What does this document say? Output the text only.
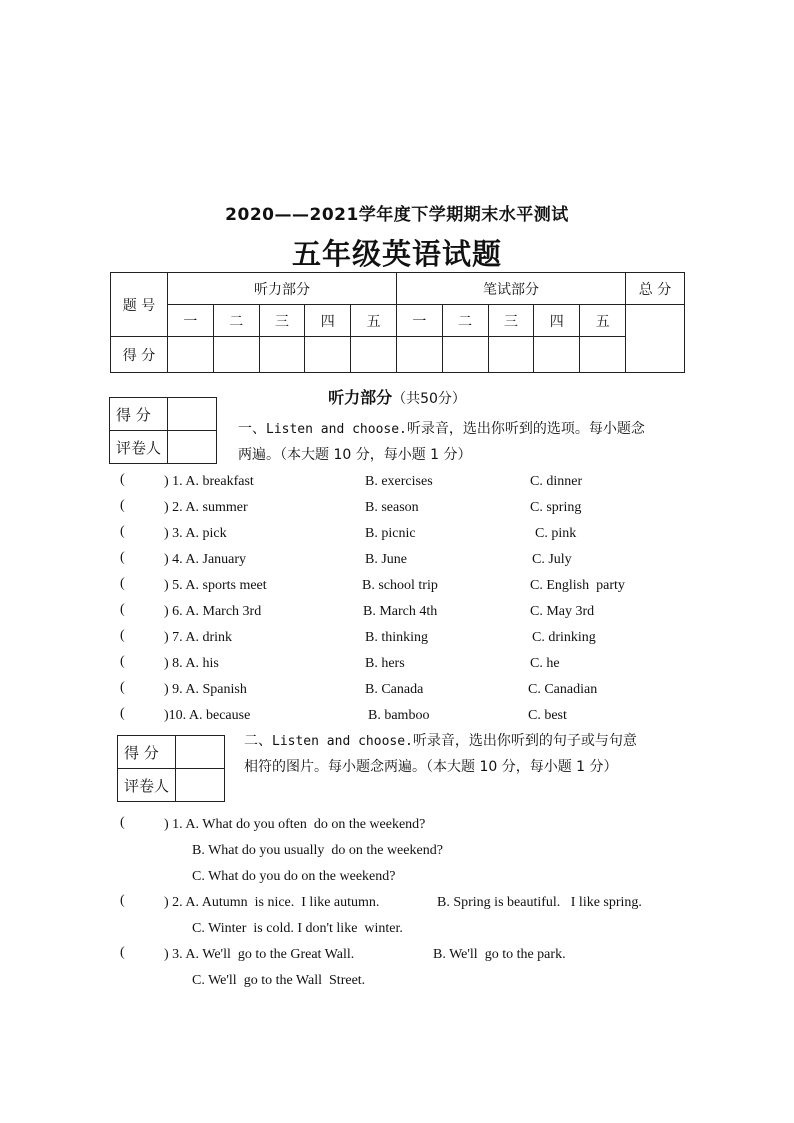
2020——2021学年度下学期期末水平测试
五年级英语试题
题 号	听力部分					笔试部分					总 分
	一	二	三	四	五	一	二	三	四	五	
得 分											
听力部分（共50分）
得 分	
评卷人	
一、Listen and choose.听录音，选出你听到的选项。每小题念
两遍。（本大题 10 分，每小题 1 分）
(	) 1. A. breakfast	B. exercises	C. dinner
(	) 2. A. summer	B. season	C. spring
(	) 3. A. pick	B. picnic	C. pink
(	) 4. A. January	B. June	C. July
(	) 5. A. sports meet	B. school trip	C. English  party
(	) 6. A. March 3rd	B. March 4th	C. May 3rd
(	) 7. A. drink	B. thinking	C. drinking
(	) 8. A. his	B. hers	C. he
(	) 9. A. Spanish	B. Canada	C. Canadian
(	)10. A. because	B. bamboo	C. best
得 分	
评卷人	
二、Listen and choose.听录音，选出你听到的句子或与句意
相符的图片。每小题念两遍。（本大题 10 分，每小题 1 分）
(	) 1. A. What do you often  do on the weekend?
B. What do you usually  do on the weekend?
C. What do you do on the weekend?
(	) 2. A. Autumn  is nice.  I like autumn.	B. Spring is beautiful.   I like spring.
C. Winter  is cold. I don't like  winter.
(	) 3. A. We'll  go to the Great Wall.	B. We'll  go to the park.
C. We'll  go to the Wall  Street.
